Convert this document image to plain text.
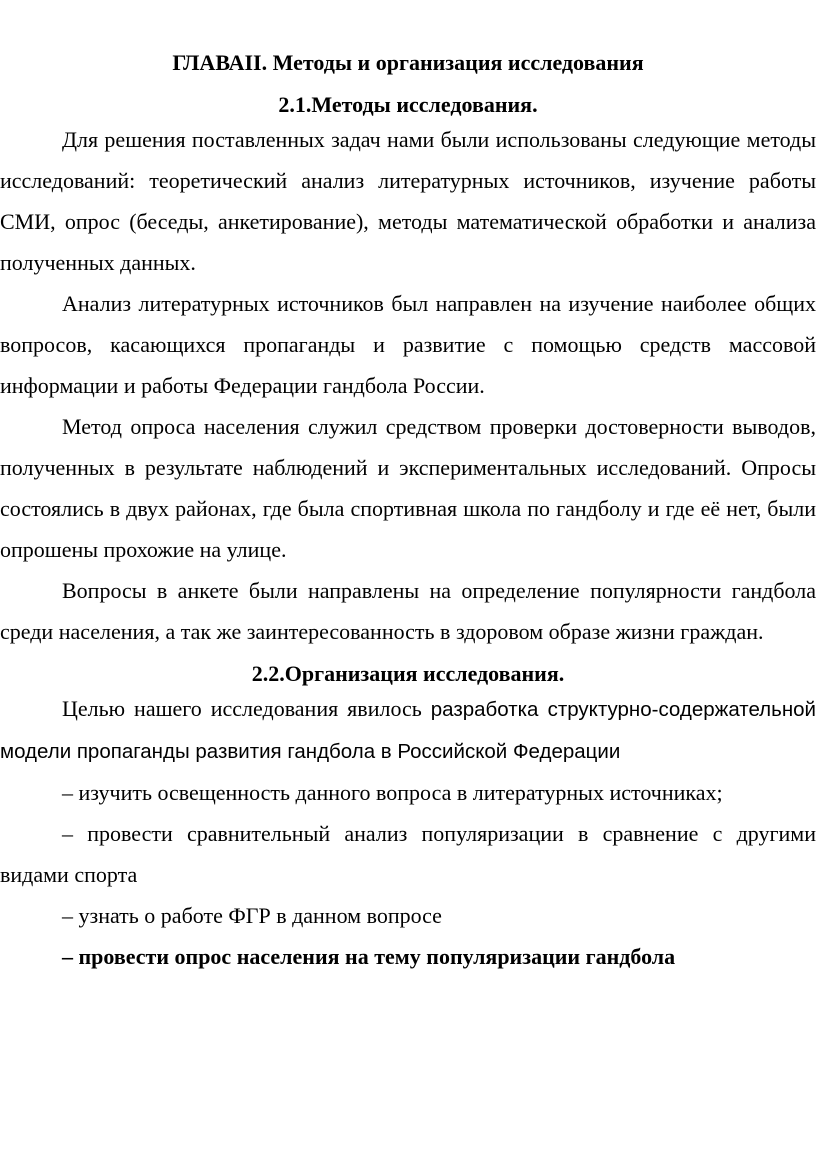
ГЛАВАII. Методы и организация исследования
2.1.Методы исследования.

Для решения поставленных задач нами были использованы следующие методы исследований: теоретический анализ литературных источников, изучение работы СМИ, опрос (беседы, анкетирование), методы математической обработки и анализа полученных данных.

Анализ литературных источников был направлен на изучение наиболее общих вопросов, касающихся пропаганды и развитие с помощью средств массовой информации и работы Федерации гандбола России.

Метод опроса населения служил средством проверки достоверности выводов, полученных в результате наблюдений и экспериментальных исследований. Опросы состоялись в двух районах, где была спортивная школа по гандболу и где её нет, были опрошены прохожие на улице.

Вопросы в анкете были направлены на определение популярности гандбола среди населения, а так же заинтересованность в здоровом образе жизни граждан.

2.2.Организация исследования.

Целью нашего исследования явилось разработка структурно-содержательной модели пропаганды развития гандбола в Российской Федерации

– изучить освещенность данного вопроса в литературных источниках;

– провести сравнительный анализ популяризации в сравнение с другими видами спорта

– узнать о работе ФГР в данном вопросе

– провести опрос населения на тему популяризации гандбола
